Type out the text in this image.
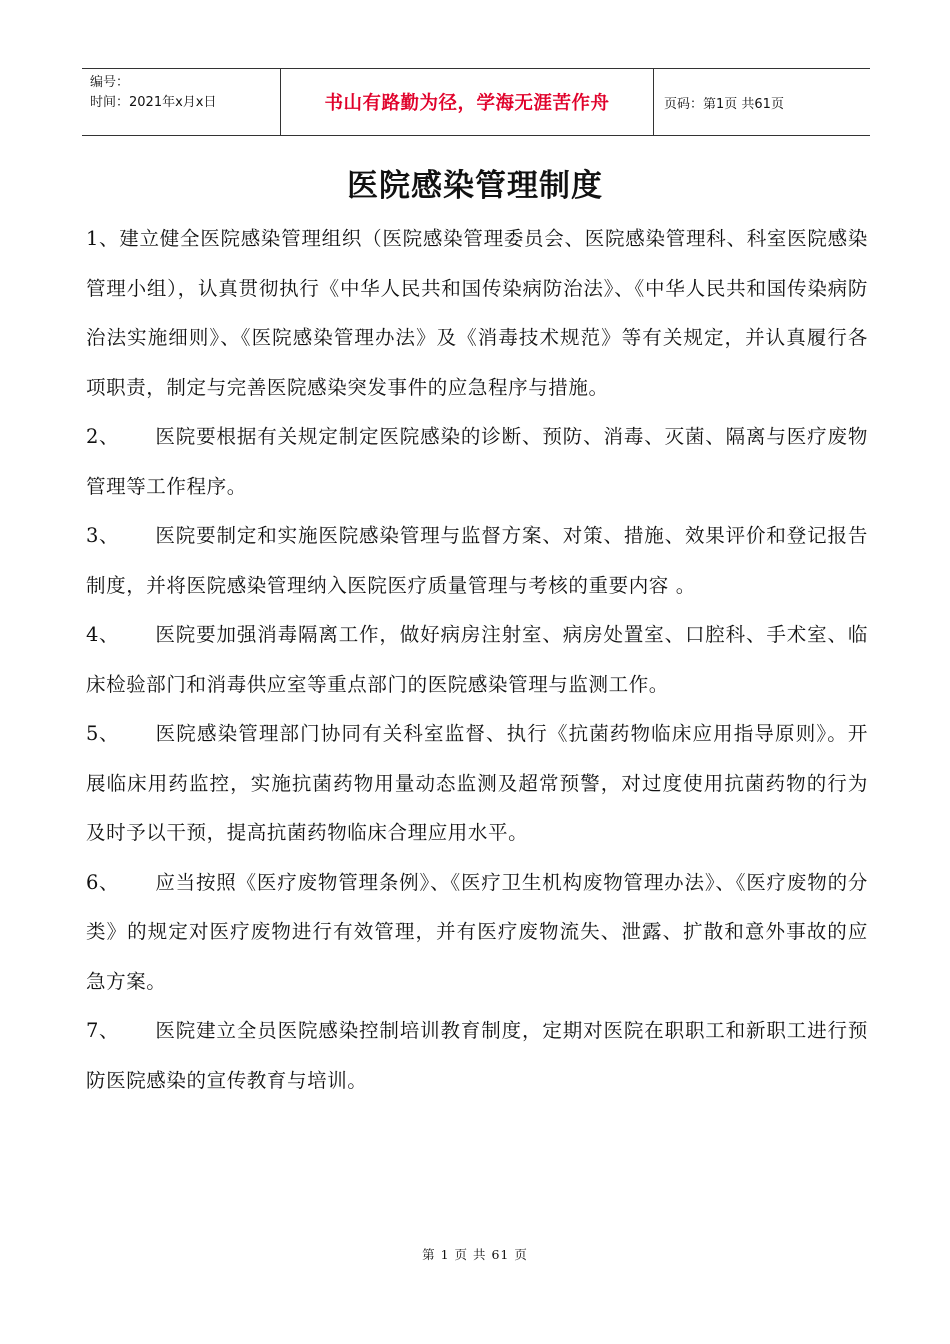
编号：
时间：2021年x月x日	书山有路勤为径，学海无涯苦作舟	页码：第1页 共61页
医院感染管理制度

1、建立健全医院感染管理组织（医院感染管理委员会、医院感染管理科、科室医院感染管理小组），认真贯彻执行《中华人民共和国传染病防治法》、《中华人民共和国传染病防治法实施细则》、《医院感染管理办法》及《消毒技术规范》等有关规定，并认真履行各项职责，制定与完善医院感染突发事件的应急程序与措施。

2、 医院要根据有关规定制定医院感染的诊断、预防、消毒、灭菌、隔离与医疗废物管理等工作程序。

3、 医院要制定和实施医院感染管理与监督方案、对策、措施、效果评价和登记报告制度，并将医院感染管理纳入医院医疗质量管理与考核的重要内容 。

4、 医院要加强消毒隔离工作，做好病房注射室、病房处置室、口腔科、手术室、临床检验部门和消毒供应室等重点部门的医院感染管理与监测工作。

5、 医院感染管理部门协同有关科室监督、执行《抗菌药物临床应用指导原则》。开展临床用药监控，实施抗菌药物用量动态监测及超常预警，对过度使用抗菌药物的行为及时予以干预，提高抗菌药物临床合理应用水平。

6、 应当按照《医疗废物管理条例》、《医疗卫生机构废物管理办法》、《医疗废物的分类》的规定对医疗废物进行有效管理，并有医疗废物流失、泄露、扩散和意外事故的应急方案。

7、 医院建立全员医院感染控制培训教育制度，定期对医院在职职工和新职工进行预防医院感染的宣传教育与培训。

第 1 页 共 61 页
